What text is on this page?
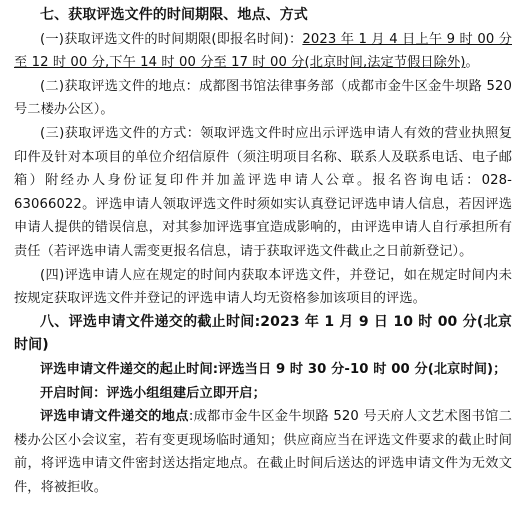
七、获取评选文件的时间期限、地点、方式

(一)获取评选文件的时间期限(即报名时间)：2023 年 1 月 4 日上午 9 时 00 分至 12 时 00 分,下午 14 时 00 分至 17 时 00 分(北京时间,法定节假日除外)。

(二)获取评选文件的地点：成都图书馆法律事务部（成都市金牛区金牛坝路 520 号二楼办公区）。

(三)获取评选文件的方式：领取评选文件时应出示评选申请人有效的营业执照复印件及针对本项目的单位介绍信原件（须注明项目名称、联系人及联系电话、电子邮箱）附经办人身份证复印件并加盖评选申请人公章。报名咨询电话：028-63066022。评选申请人领取评选文件时须如实认真登记评选申请人信息，若因评选申请人提供的错误信息，对其参加评选事宜造成影响的，由评选申请人自行承担所有责任（若评选申请人需变更报名信息，请于获取评选文件截止之日前新登记）。

(四)评选申请人应在规定的时间内获取本评选文件，并登记，如在规定时间内未按规定获取评选文件并登记的评选申请人均无资格参加该项目的评选。

八、评选申请文件递交的截止时间:2023 年 1 月 9 日 10 时 00 分(北京时间)

评选申请文件递交的起止时间:评选当日 9 时 30 分-10 时 00 分(北京时间)；

开启时间：评选小组组建后立即开启；

评选申请文件递交的地点:成都市金牛区金牛坝路 520 号天府人文艺术图书馆二楼办公区小会议室，若有变更现场临时通知；供应商应当在评选文件要求的截止时间前，将评选申请文件密封送达指定地点。在截止时间后送达的评选申请文件为无效文件，将被拒收。
